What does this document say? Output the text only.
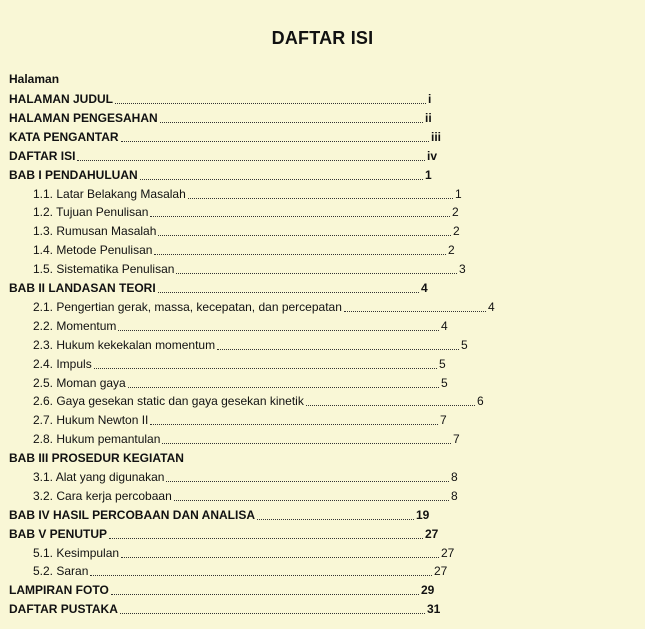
DAFTAR ISI
Halaman
HALAMAN JUDUL	i
HALAMAN PENGESAHAN	ii
KATA PENGANTAR	iii
DAFTAR ISI	iv
BAB I PENDAHULUAN	1
1.1. Latar Belakang Masalah	1
1.2. Tujuan Penulisan	2
1.3. Rumusan Masalah	2
1.4. Metode Penulisan	2
1.5. Sistematika Penulisan	3
BAB II LANDASAN TEORI	4
2.1. Pengertian gerak, massa, kecepatan, dan percepatan	4
2.2. Momentum	4
2.3. Hukum kekekalan momentum	5
2.4. Impuls	5
2.5. Moman gaya	5
2.6. Gaya gesekan static dan gaya gesekan kinetik	6
2.7. Hukum Newton II	7
2.8. Hukum pemantulan	7
BAB III PROSEDUR KEGIATAN
3.1. Alat yang digunakan	8
3.2. Cara kerja percobaan	8
BAB IV HASIL PERCOBAAN DAN ANALISA	19
BAB V PENUTUP	27
5.1. Kesimpulan	27
5.2. Saran	27
LAMPIRAN FOTO	29
DAFTAR PUSTAKA	31
